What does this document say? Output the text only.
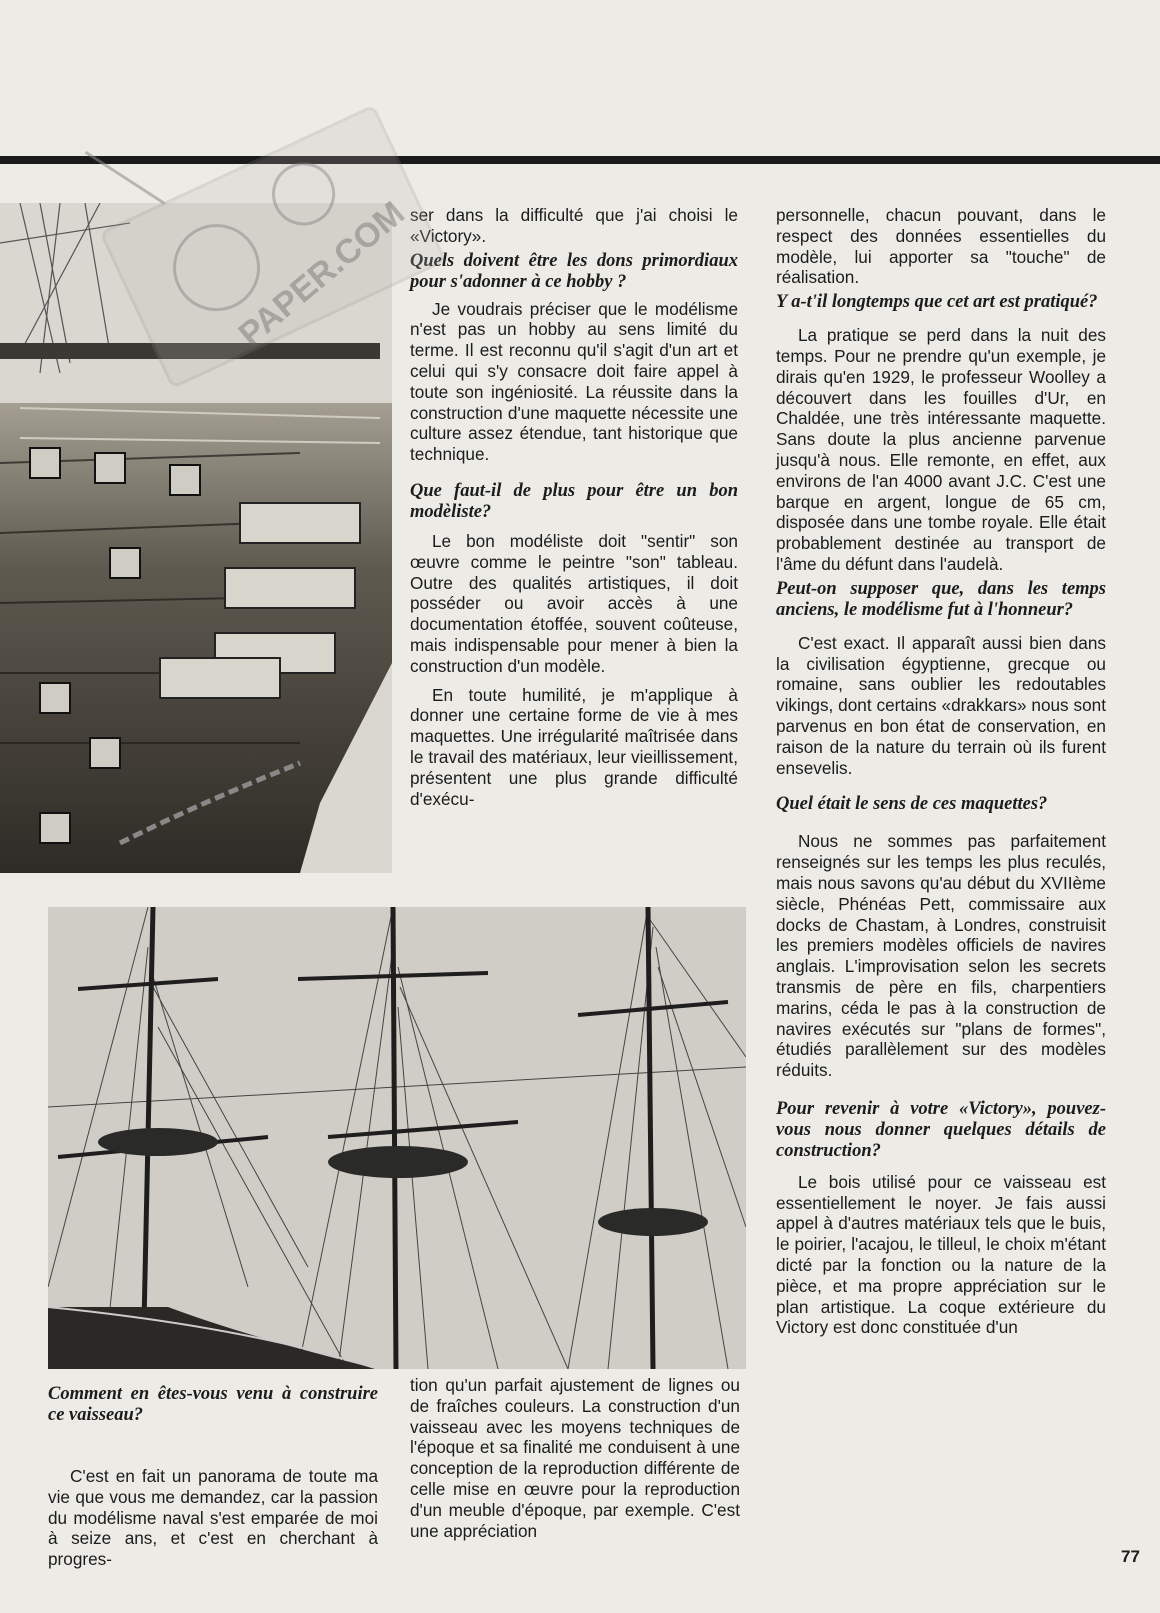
ser dans la difficulté que j'ai choisi le «Victory».

Quels doivent être les dons primordiaux pour s'adonner à ce hobby ?

Je voudrais préciser que le modélisme n'est pas un hobby au sens limité du terme. Il est reconnu qu'il s'agit d'un art et celui qui s'y consacre doit faire appel à toute son ingéniosité. La réussite dans la construction d'une maquette nécessite une culture assez étendue, tant historique que technique.

Que faut-il de plus pour être un bon modèliste?

Le bon modéliste doit "sentir" son œuvre comme le peintre "son" tableau. Outre des qualités artistiques, il doit posséder ou avoir accès à une documentation étoffée, souvent coûteuse, mais indispensable pour mener à bien la construction d'un modèle.

En toute humilité, je m'applique à donner une certaine forme de vie à mes maquettes. Une irrégularité maîtrisée dans le travail des matériaux, leur vieillissement, présentent une plus grande difficulté d'exécu-

personnelle, chacun pouvant, dans le respect des données essentielles du modèle, lui apporter sa "touche" de réalisation.

Y a-t'il longtemps que cet art est pratiqué?

La pratique se perd dans la nuit des temps. Pour ne prendre qu'un exemple, je dirais qu'en 1929, le professeur Woolley a découvert dans les fouilles d'Ur, en Chaldée, une très intéressante maquette. Sans doute la plus ancienne parvenue jusqu'à nous. Elle remonte, en effet, aux environs de l'an 4000 avant J.C. C'est une barque en argent, longue de 65 cm, disposée dans une tombe royale. Elle était probablement destinée au transport de l'âme du défunt dans l'audelà.

Peut-on supposer que, dans les temps anciens, le modélisme fut à l'honneur?

C'est exact. Il apparaît aussi bien dans la civilisation égyptienne, grecque ou romaine, sans oublier les redoutables vikings, dont certains «drakkars» nous sont parvenus en bon état de conservation, en raison de la nature du terrain où ils furent ensevelis.

Quel était le sens de ces maquettes?

Nous ne sommes pas parfaitement renseignés sur les temps les plus reculés, mais nous savons qu'au début du XVIIème siècle, Phénéas Pett, commissaire aux docks de Chastam, à Londres, construisit les premiers modèles officiels de navires anglais. L'improvisation selon les secrets transmis de père en fils, charpentiers marins, céda le pas à la construction de navires exécutés sur "plans de formes", étudiés parallèlement sur des modèles réduits.

Pour revenir à votre «Victory», pouvez-vous nous donner quelques détails de construction?

Le bois utilisé pour ce vaisseau est essentiellement le noyer. Je fais aussi appel à d'autres matériaux tels que le buis, le poirier, l'acajou, le tilleul, le choix m'étant dicté par la fonction ou la nature de la pièce, et ma propre appréciation sur le plan artistique. La coque extérieure du Victory est donc constituée d'un

Comment en êtes-vous venu à construire ce vaisseau?

C'est en fait un panorama de toute ma vie que vous me demandez, car la passion du modélisme naval s'est emparée de moi à seize ans, et c'est en cherchant à progres-

tion qu'un parfait ajustement de lignes ou de fraîches couleurs. La construction d'un vaisseau avec les moyens techniques de l'époque et sa finalité me conduisent à une conception de la reproduction différente de celle mise en œuvre pour la reproduction d'un meuble d'époque, par exemple. C'est une appréciation

77
PAPER.COM
